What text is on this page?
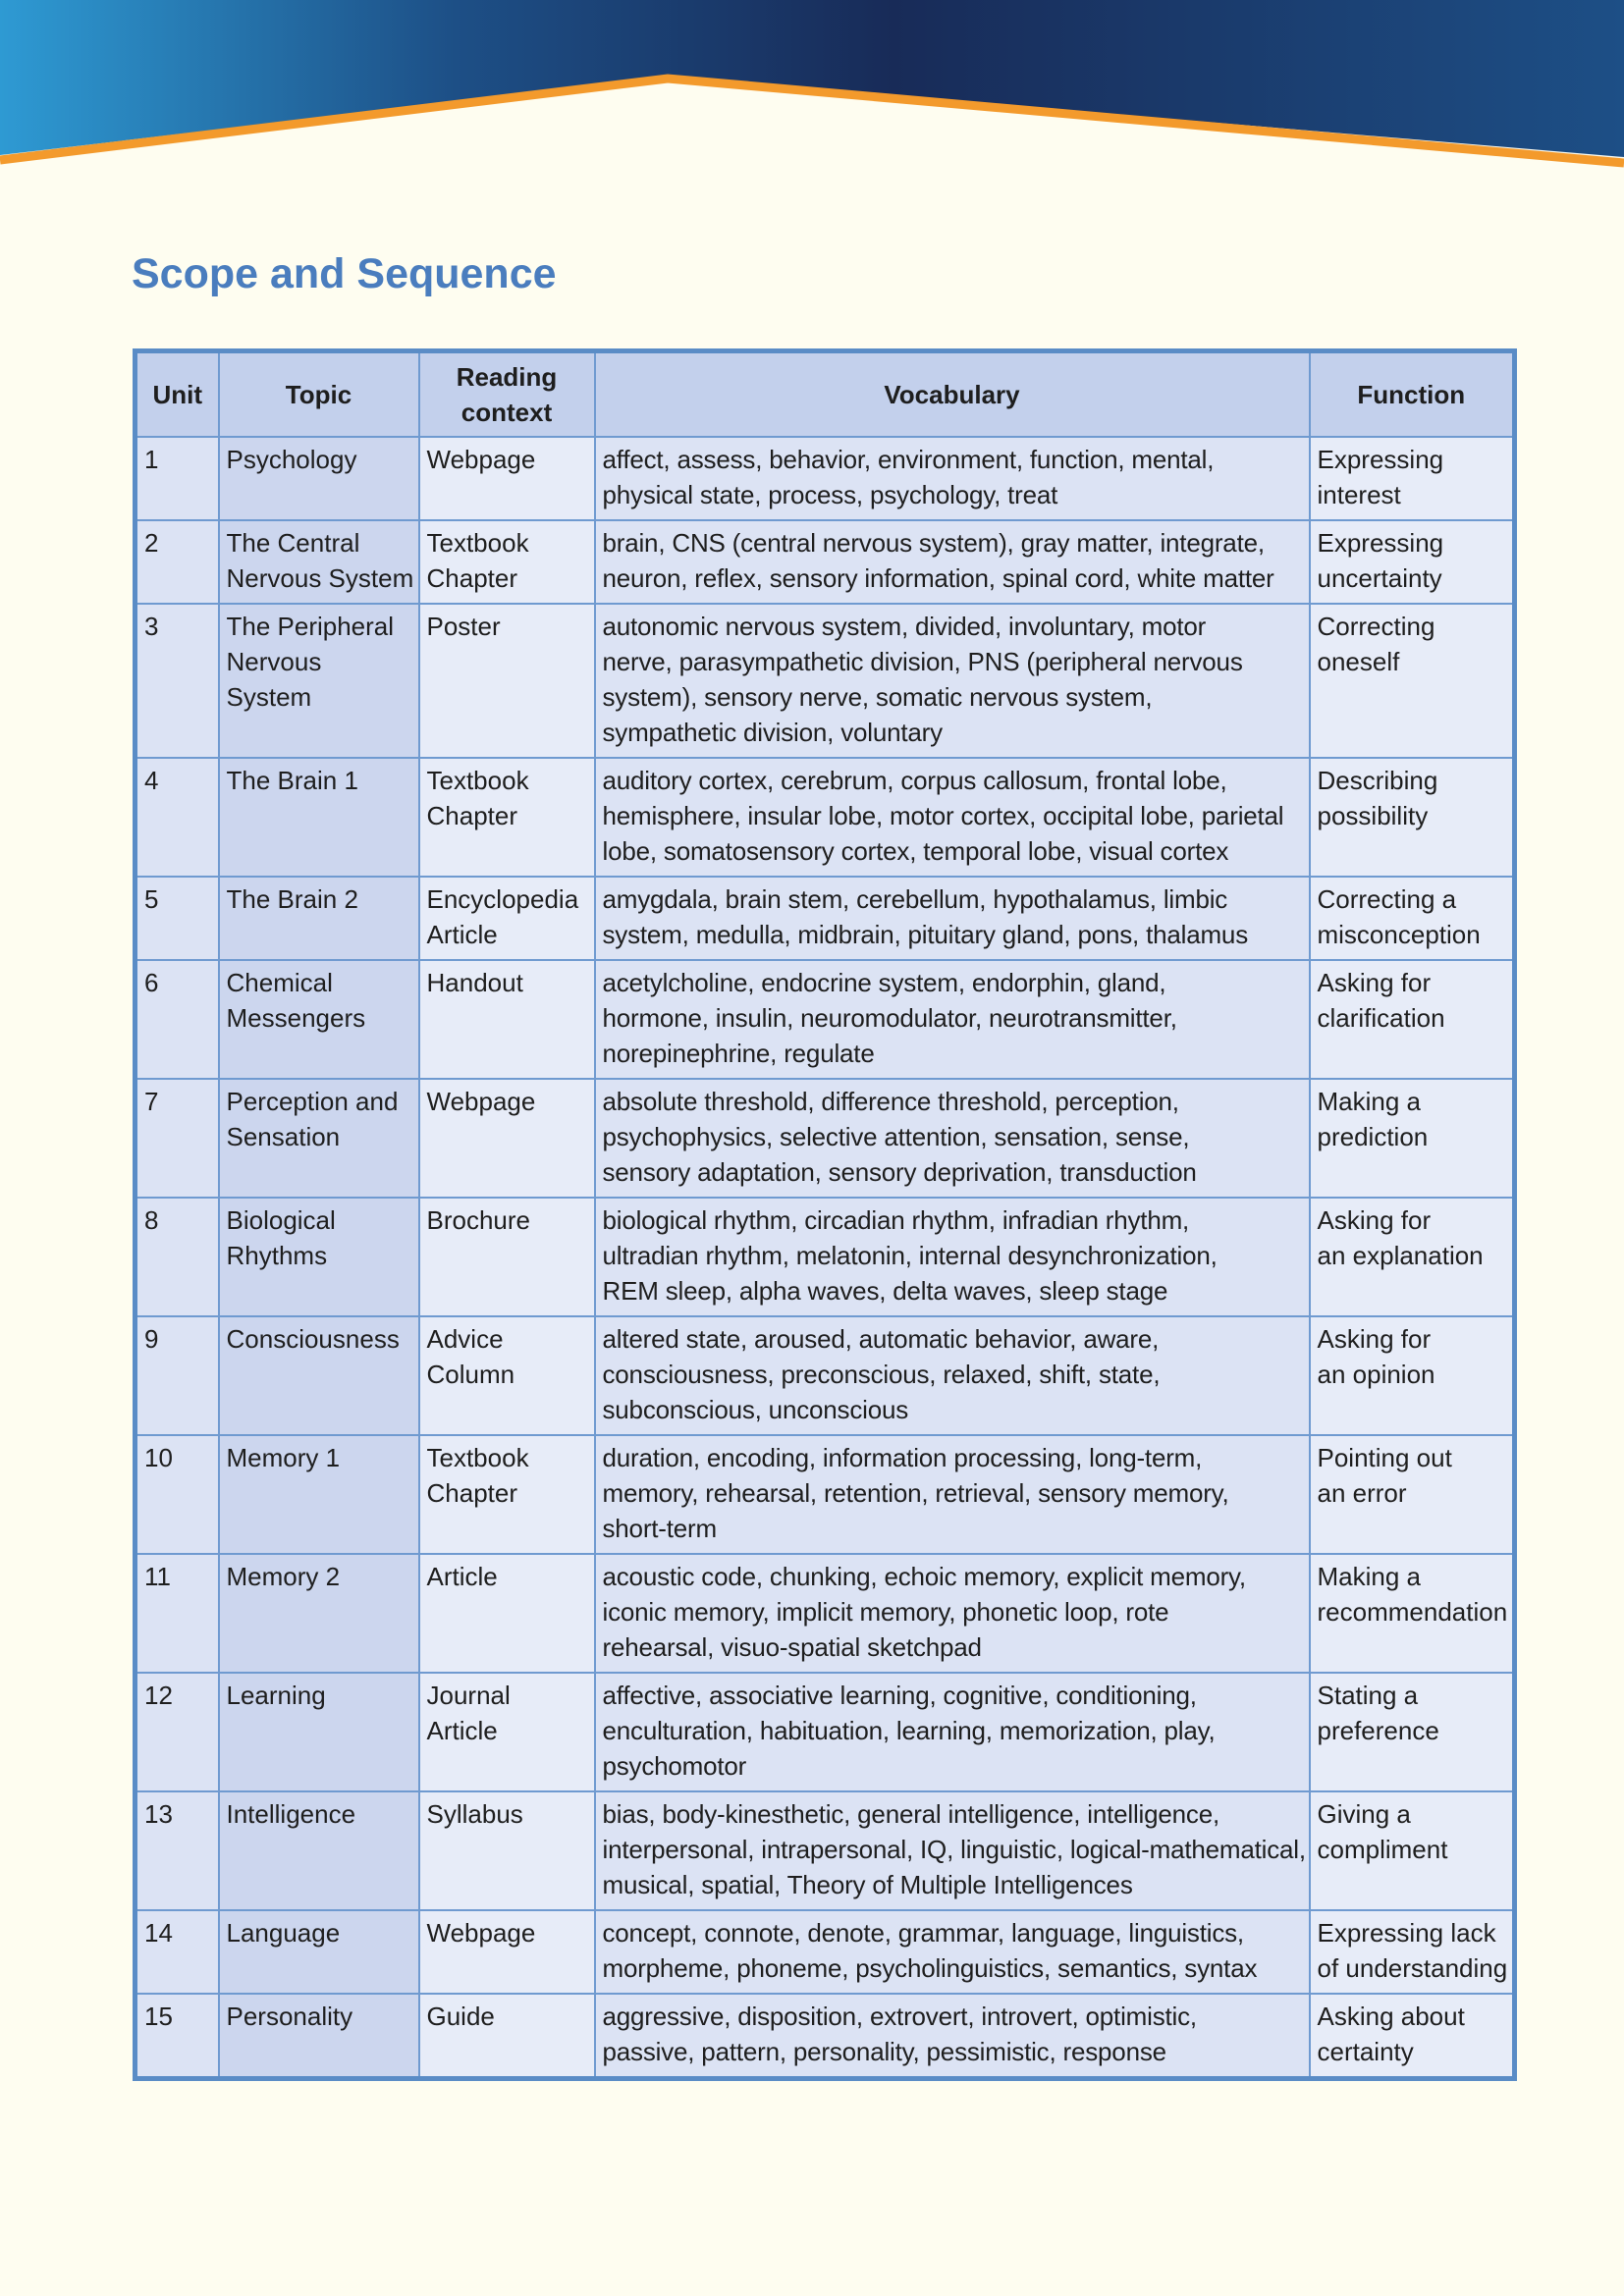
Scope and Sequence
Unit	Topic	Reading
context	Vocabulary	Function
1	Psychology	Webpage	affect, assess, behavior, environment, function, mental,
physical state, process, psychology, treat	Expressing
interest

2	The Central
Nervous System	Textbook
Chapter	brain, CNS (central nervous system), gray matter, integrate,
neuron, reflex, sensory information, spinal cord, white matter	Expressing
uncertainty

3	The Peripheral
Nervous
System	Poster	autonomic nervous system, divided, involuntary, motor
nerve, parasympathetic division, PNS (peripheral nervous
system), sensory nerve, somatic nervous system,
sympathetic division, voluntary	Correcting
oneself

4	The Brain 1	Textbook
Chapter	auditory cortex, cerebrum, corpus callosum, frontal lobe,
hemisphere, insular lobe, motor cortex, occipital lobe, parietal
lobe, somatosensory cortex, temporal lobe, visual cortex	Describing
possibility

5	The Brain 2	Encyclopedia
Article	amygdala, brain stem, cerebellum, hypothalamus, limbic
system, medulla, midbrain, pituitary gland, pons, thalamus	Correcting a
misconception

6	Chemical
Messengers	Handout	acetylcholine, endocrine system, endorphin, gland,
hormone, insulin, neuromodulator, neurotransmitter,
norepinephrine, regulate	Asking for
clarification

7	Perception and
Sensation	Webpage	absolute threshold, difference threshold, perception,
psychophysics, selective attention, sensation, sense,
sensory adaptation, sensory deprivation, transduction	Making a
prediction

8	Biological
Rhythms	Brochure	biological rhythm, circadian rhythm, infradian rhythm,
ultradian rhythm, melatonin, internal desynchronization,
REM sleep, alpha waves, delta waves, sleep stage	Asking for
an explanation

9	Consciousness	Advice
Column	altered state, aroused, automatic behavior, aware,
consciousness, preconscious, relaxed, shift, state,
subconscious, unconscious	Asking for
an opinion

10	Memory 1	Textbook
Chapter	duration, encoding, information processing, long-term,
memory, rehearsal, retention, retrieval, sensory memory,
short-term	Pointing out
an error

11	Memory 2	Article	acoustic code, chunking, echoic memory, explicit memory,
iconic memory, implicit memory, phonetic loop, rote
rehearsal, visuo-spatial sketchpad	Making a
recommendation

12	Learning	Journal
Article	affective, associative learning, cognitive, conditioning,
enculturation, habituation, learning, memorization, play,
psychomotor	Stating a
preference

13	Intelligence	Syllabus	bias, body-kinesthetic, general intelligence, intelligence,
interpersonal, intrapersonal, IQ, linguistic, logical-mathematical,
musical, spatial, Theory of Multiple Intelligences	Giving a
compliment

14	Language	Webpage	concept, connote, denote, grammar, language, linguistics,
morpheme, phoneme, psycholinguistics, semantics, syntax	Expressing lack
of understanding

15	Personality	Guide	aggressive, disposition, extrovert, introvert, optimistic,
passive, pattern, personality, pessimistic, response	Asking about
certainty
